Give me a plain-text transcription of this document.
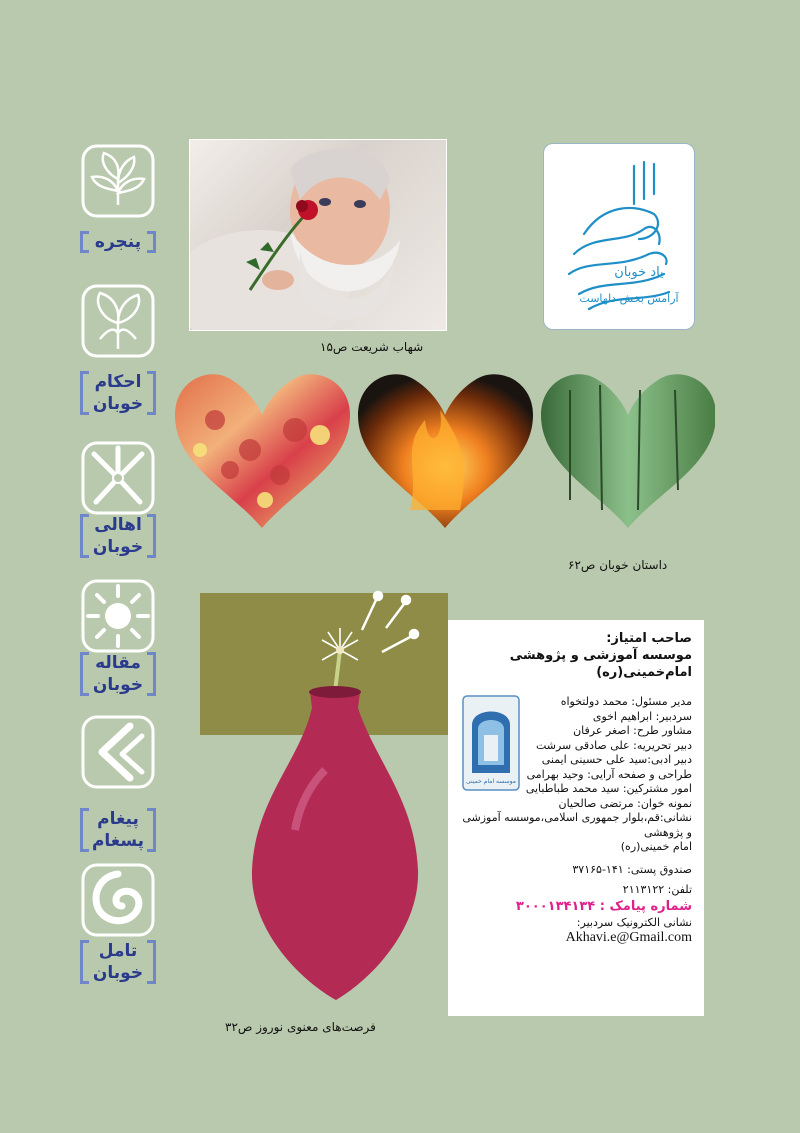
پنجره
احکام خوبان
اهالی خوبان
مقاله خوبان
پیغام پسغام
تامل خوبان
شهاب شریعت ص۱۵
یاد خوبان
آرامش بخش دلهاست
داستان خوبان ص۶۲
فرصت‌های معنوی نوروز ص۳۲
صاحب امتیاز:
موسسه آموزشی و پژوهشی امام‌خمینی(ره)
مدیر مسئول: محمد دولتخواه
سردبیر: ابراهیم اخوی
مشاور طرح: اصغر عرفان
دبیر تحریریه: علی صادقی سرشت
دبیر ادبی:سید علی حسینی ایمنی
طراحی و صفحه آرایی: وحید بهرامی
امور مشترکین: سید محمد طباطبایی
نمونه خوان: مرتضی صالحیان
موسسه امام خمینی
نشانی:قم،بلوار جمهوری اسلامی،موسسه آموزشی و پژوهشی
امام خمینی(ره)
صندوق پستی: ۱۴۱-۳۷۱۶۵
تلفن: ۲۱۱۳۱۲۲
شماره پیامک : ۳۰۰۰۱۳۴۱۳۴
نشانی الکترونیک سردبیر:
Akhavi.e@Gmail.com
